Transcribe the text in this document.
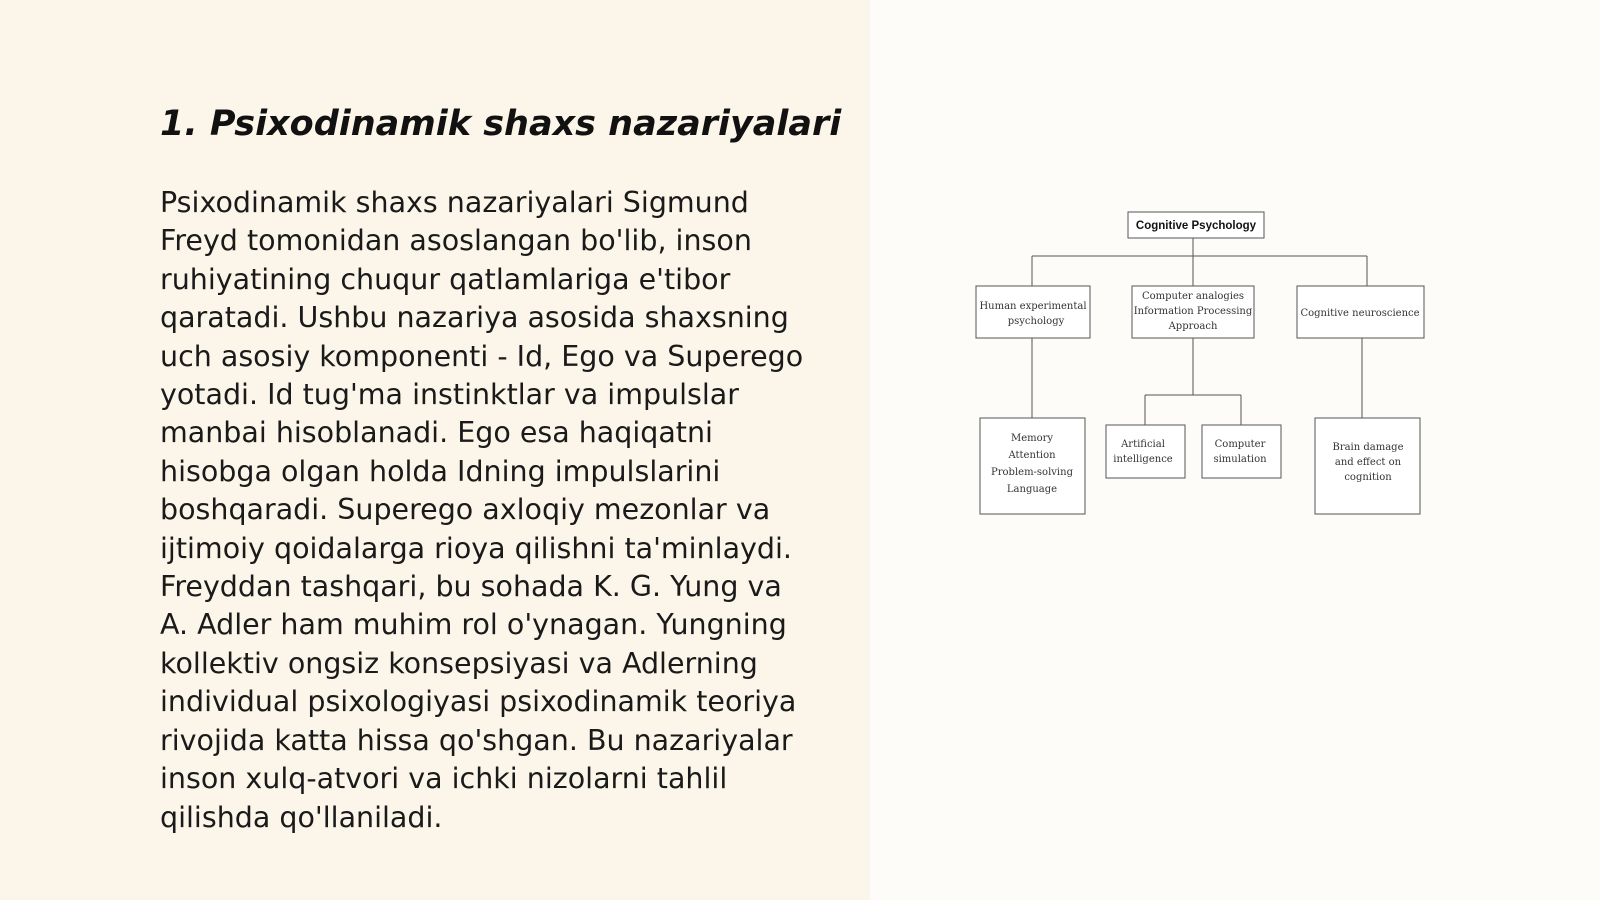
1. Psixodinamik shaxs nazariyalari
Psixodinamik shaxs nazariyalari Sigmund
Freyd tomonidan asoslangan bo'lib, inson
ruhiyatining chuqur qatlamlariga e'tibor
qaratadi. Ushbu nazariya asosida shaxsning
uch asosiy komponenti - Id, Ego va Superego
yotadi. Id tug'ma instinktlar va impulslar
manbai hisoblanadi. Ego esa haqiqatni
hisobga olgan holda Idning impulslarini
boshqaradi. Superego axloqiy mezonlar va
ijtimoiy qoidalarga rioya qilishni ta'minlaydi.
Freyddan tashqari, bu sohada K. G. Yung va
A. Adler ham muhim rol o'ynagan. Yungning
kollektiv ongsiz konsepsiyasi va Adlerning
individual psixologiyasi psixodinamik teoriya
rivojida katta hissa qo'shgan. Bu nazariyalar
inson xulq-atvori va ichki nizolarni tahlil
qilishda qo'llaniladi.
Cognitive Psychology
Human experimental
psychology
Computer analogies
Information Processing
Approach
Cognitive neuroscience
Memory
Attention
Problem-solving
Language
Artificial
intelligence
Computer
simulation
Brain damage
and effect on
cognition
